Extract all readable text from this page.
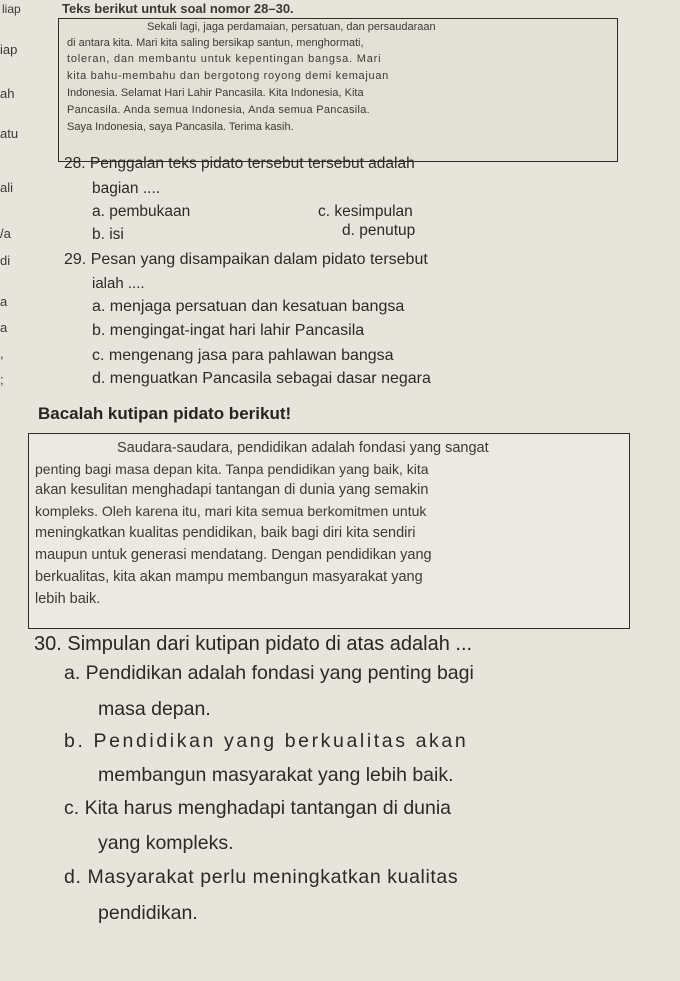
liap	Teks berikut untuk soal nomor 28–30.
iap
ah
atu
ali
/a
di
a
a
,
;
Sekali lagi, jaga perdamaian, persatuan, dan persaudaraan
di antara kita. Mari kita saling bersikap santun, menghormati,
toleran, dan membantu untuk kepentingan bangsa. Mari
kita bahu-membahu dan bergotong royong demi kemajuan
Indonesia. Selamat Hari Lahir Pancasila. Kita Indonesia, Kita
Pancasila. Anda semua Indonesia, Anda semua Pancasila.
Saya Indonesia, saya Pancasila. Terima kasih.
28. Penggalan teks pidato tersebut tersebut adalah
bagian ....
a. pembukaan	c. kesimpulan
b. isi	d. penutup
29. Pesan yang disampaikan dalam pidato tersebut
ialah ....
a. menjaga persatuan dan kesatuan bangsa
b. mengingat-ingat hari lahir Pancasila
c. mengenang jasa para pahlawan bangsa
d. menguatkan Pancasila sebagai dasar negara
Bacalah kutipan pidato berikut!
Saudara-saudara, pendidikan adalah fondasi yang sangat
penting bagi masa depan kita. Tanpa pendidikan yang baik, kita
akan kesulitan menghadapi tantangan di dunia yang semakin
kompleks. Oleh karena itu, mari kita semua berkomitmen untuk
meningkatkan kualitas pendidikan, baik bagi diri kita sendiri
maupun untuk generasi mendatang. Dengan pendidikan yang
berkualitas, kita akan mampu membangun masyarakat yang
lebih baik.
30. Simpulan dari kutipan pidato di atas adalah ...
a. Pendidikan adalah fondasi yang penting bagi
masa depan.
b. Pendidikan yang berkualitas akan
membangun masyarakat yang lebih baik.
c. Kita harus menghadapi tantangan di dunia
yang kompleks.
d. Masyarakat perlu meningkatkan kualitas
pendidikan.
